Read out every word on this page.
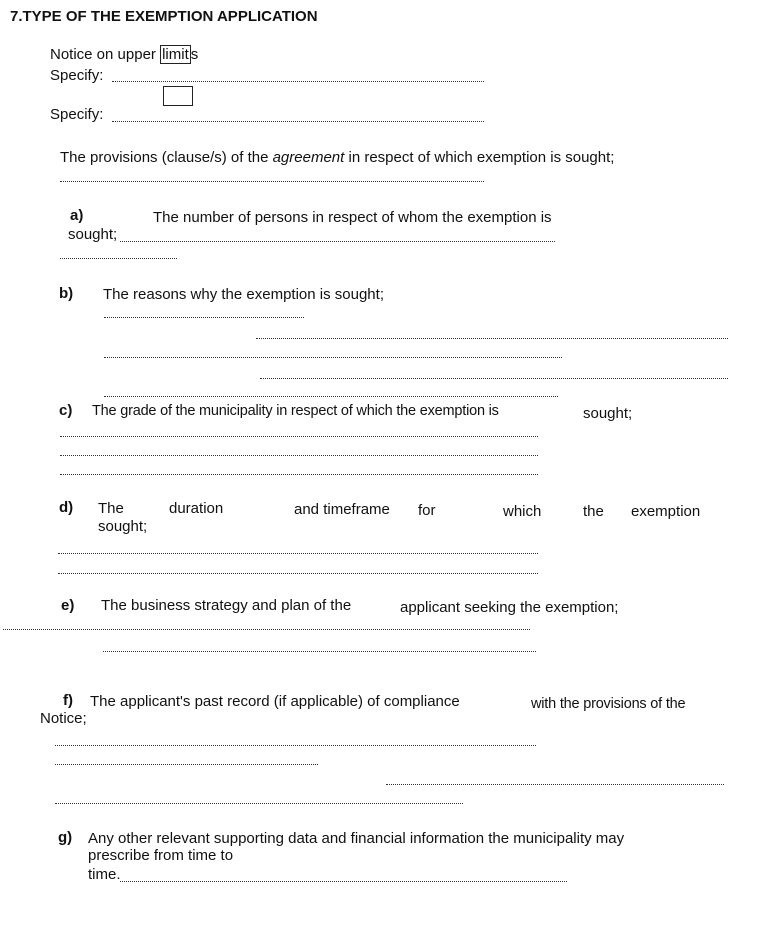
7.TYPE OF THE EXEMPTION APPLICATION
Notice on upper limit s
Specify:
Specify:
The provisions (clause/s) of the agreement in respect of which exemption is sought;
a)	The number of persons in respect of whom the exemption is
sought;
b) The reasons why the exemption is sought;
c) The grade of the municipality in respect of which the exemption is	sought;
d) The	duration	and timeframe for	which	the exemption
sought;
e) The business strategy and plan of the	applicant seeking the exemption;
f) The applicant's past record (if applicable) of compliance	with the provisions of the
Notice;
g) Any other relevant supporting data and financial information the municipality may
prescribe from time to
time.
